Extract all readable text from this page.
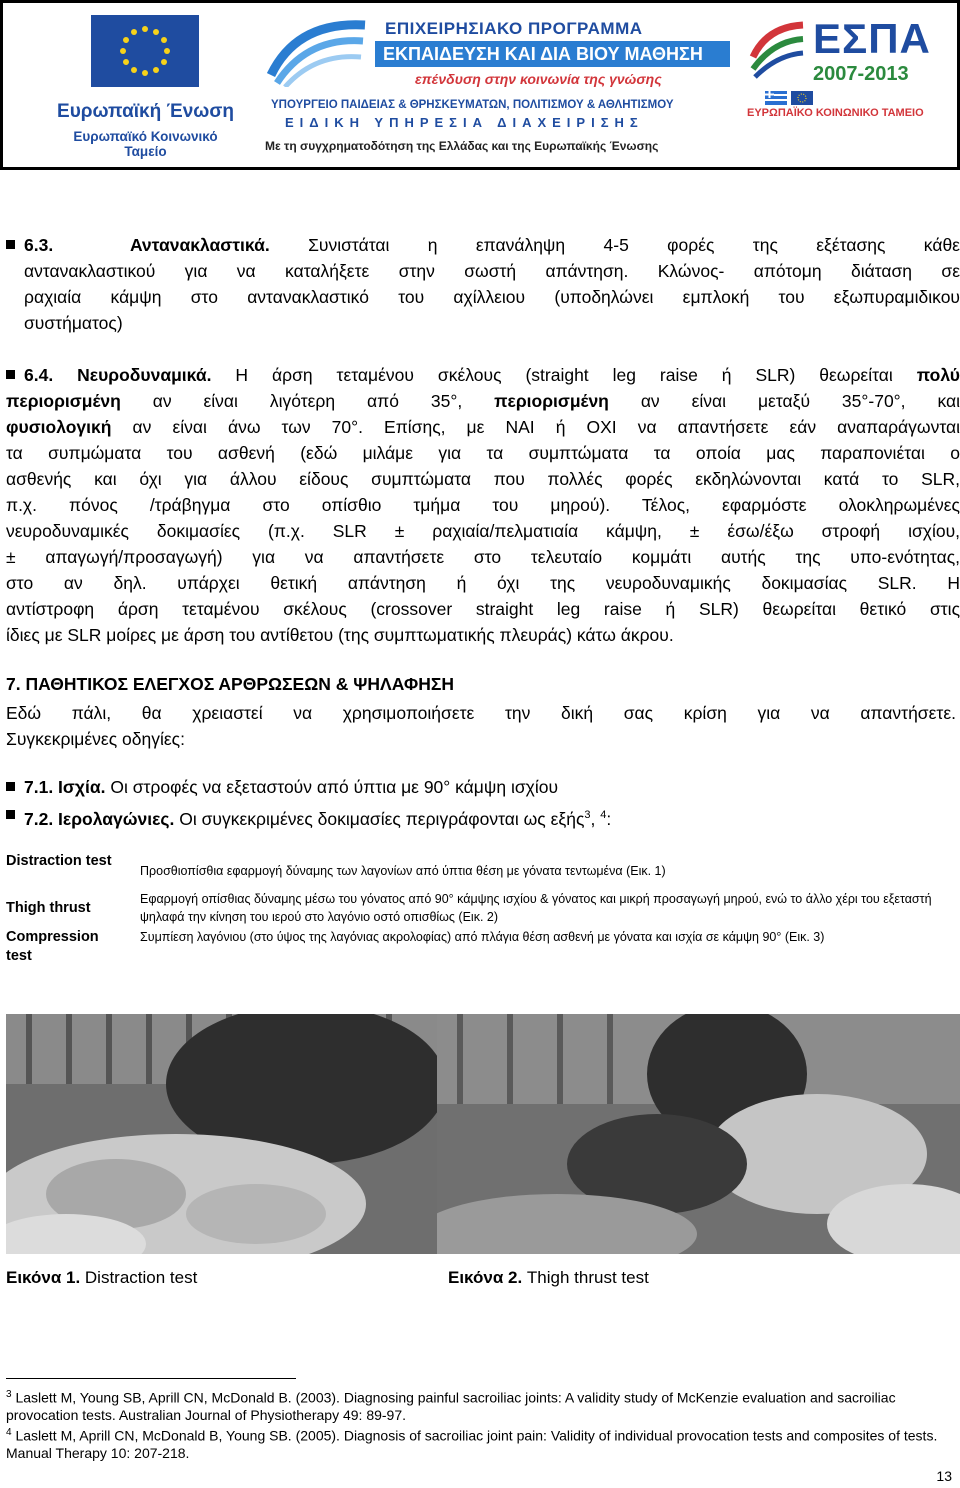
Ευρωπαϊκή Ένωση
Ευρωπαϊκό Κοινωνικό Ταμείο
ΕΠΙΧΕΙΡΗΣΙΑΚΟ ΠΡΟΓΡΑΜΜΑ
ΕΚΠΑΙΔΕΥΣΗ ΚΑΙ ΔΙΑ ΒΙΟΥ ΜΑΘΗΣΗ
επένδυση στην κοινωνία της γνώσης
ΥΠΟΥΡΓΕΙΟ ΠΑΙΔΕΙΑΣ & ΘΡΗΣΚΕΥΜΑΤΩΝ, ΠΟΛΙΤΙΣΜΟΥ & ΑΘΛΗΤΙΣΜΟΥ
ΕΙΔΙΚΗ ΥΠΗΡΕΣΙΑ ΔΙΑΧΕΙΡΙΣΗΣ
Με τη συγχρηματοδότηση της Ελλάδας και της Ευρωπαϊκής Ένωσης
ΕΣΠΑ
2007-2013
ΕΥΡΩΠΑΪΚΟ ΚΟΙΝΩΝΙΚΟ ΤΑΜΕΙΟ
6.3.	Αντανακλαστικά. Συνιστάται η επανάληψη 4-5 φορές της εξέτασης κάθε
αντανακλαστικού για να καταλήξετε στην σωστή απάντηση. Κλώνος- απότομη διάταση σε
ραχιαία κάμψη στο αντανακλαστικό του αχίλλειου (υποδηλώνει εμπλοκή του εξωπυραμιδικου
συστήματος)
6.4. Νευροδυναμικά. Η άρση τεταμένου σκέλους (straight leg raise ή SLR) θεωρείται πολύ
περιορισμένη αν είναι λιγότερη από 35°, περιορισμένη αν είναι μεταξύ 35°-70°, και
φυσιολογική αν είναι άνω των 70°. Επίσης, με ΝΑΙ ή ΟΧΙ να απαντήσετε εάν αναπαράγωνται
τα συπμώματα του ασθενή (εδώ μιλάμε για τα συμπτώματα τα οποία μας παραπονιέται ο
ασθενής και όχι για άλλου είδους συμπτώματα που πολλές φορές εκδηλώνονται κατά το SLR,
π.χ. πόνος /τράβηγμα στο οπίσθιο τμήμα του μηρού). Τέλος, εφαρμόστε ολοκληρωμένες
νευροδυναμικές δοκιμασίες (π.χ. SLR ± ραχιαία/πελματιαία κάμψη, ± έσω/έξω στροφή ισχίου,
± απαγωγή/προσαγωγή) για να απαντήσετε στο τελευταίο κομμάτι αυτής της υπο-ενότητας,
στο αν δηλ. υπάρχει θετική απάντηση ή όχι της νευροδυναμικής δοκιμασίας SLR. Η
αντίστροφη άρση τεταμένου σκέλους (crossover straight leg raise ή SLR) θεωρείται θετικό στις
ίδιες με SLR μοίρες με άρση του αντίθετου (της συμπτωματικής πλευράς) κάτω άκρου.
7. ΠΑΘΗΤΙΚΟΣ ΕΛΕΓΧΟΣ ΑΡΘΡΩΣΕΩΝ & ΨΗΛΑΦΗΣΗ
Εδώ πάλι, θα χρειαστεί να χρησιμοποιήσετε την δική σας κρίση για να απαντήσετε.
Συγκεκριμένες οδηγίες:
7.1. Ισχία. Οι στροφές να εξεταστούν από ύπτια με 90° κάμψη ισχίου
7.2. Ιερολαγώνιες. Οι συγκεκριμένες δοκιμασίες περιγράφονται ως εξής$^3$, $^4$:
Distraction test
Προσθιοπίσθια εφαρμογή δύναμης των λαγονίων από ύπτια θέση με γόνατα τεντωμένα (Εικ. 1)
Thigh thrust
Εφαρμογή οπίσθιας δύναμης μέσω του γόνατος από 90° κάμψης ισχίου & γόνατος και μικρή προσαγωγή μηρού, ενώ το άλλο χέρι του εξεταστή ψηλαφά την κίνηση του ιερού στο λαγόνιο οστό οπισθίως (Εικ. 2)
Compression test
Συμπίεση λαγόνιου (στο ύψος της λαγόνιας ακρολοφίας) από πλάγια θέση ασθενή με γόνατα και ισχία σε κάμψη 90° (Εικ. 3)
Εικόνα 1. Distraction test	Εικόνα 2. Thigh thrust test
$^3$ Laslett M, Young SB, Aprill CN, McDonald B. (2003). Diagnosing painful sacroiliac joints: A validity study of McKenzie evaluation and sacroiliac provocation tests. Australian Journal of Physiotherapy 49: 89-97.
$^4$ Laslett M, Aprill CN, McDonald B, Young SB. (2005). Diagnosis of sacroiliac joint pain: Validity of individual provocation tests and composites of tests. Manual Therapy 10: 207-218.
13
